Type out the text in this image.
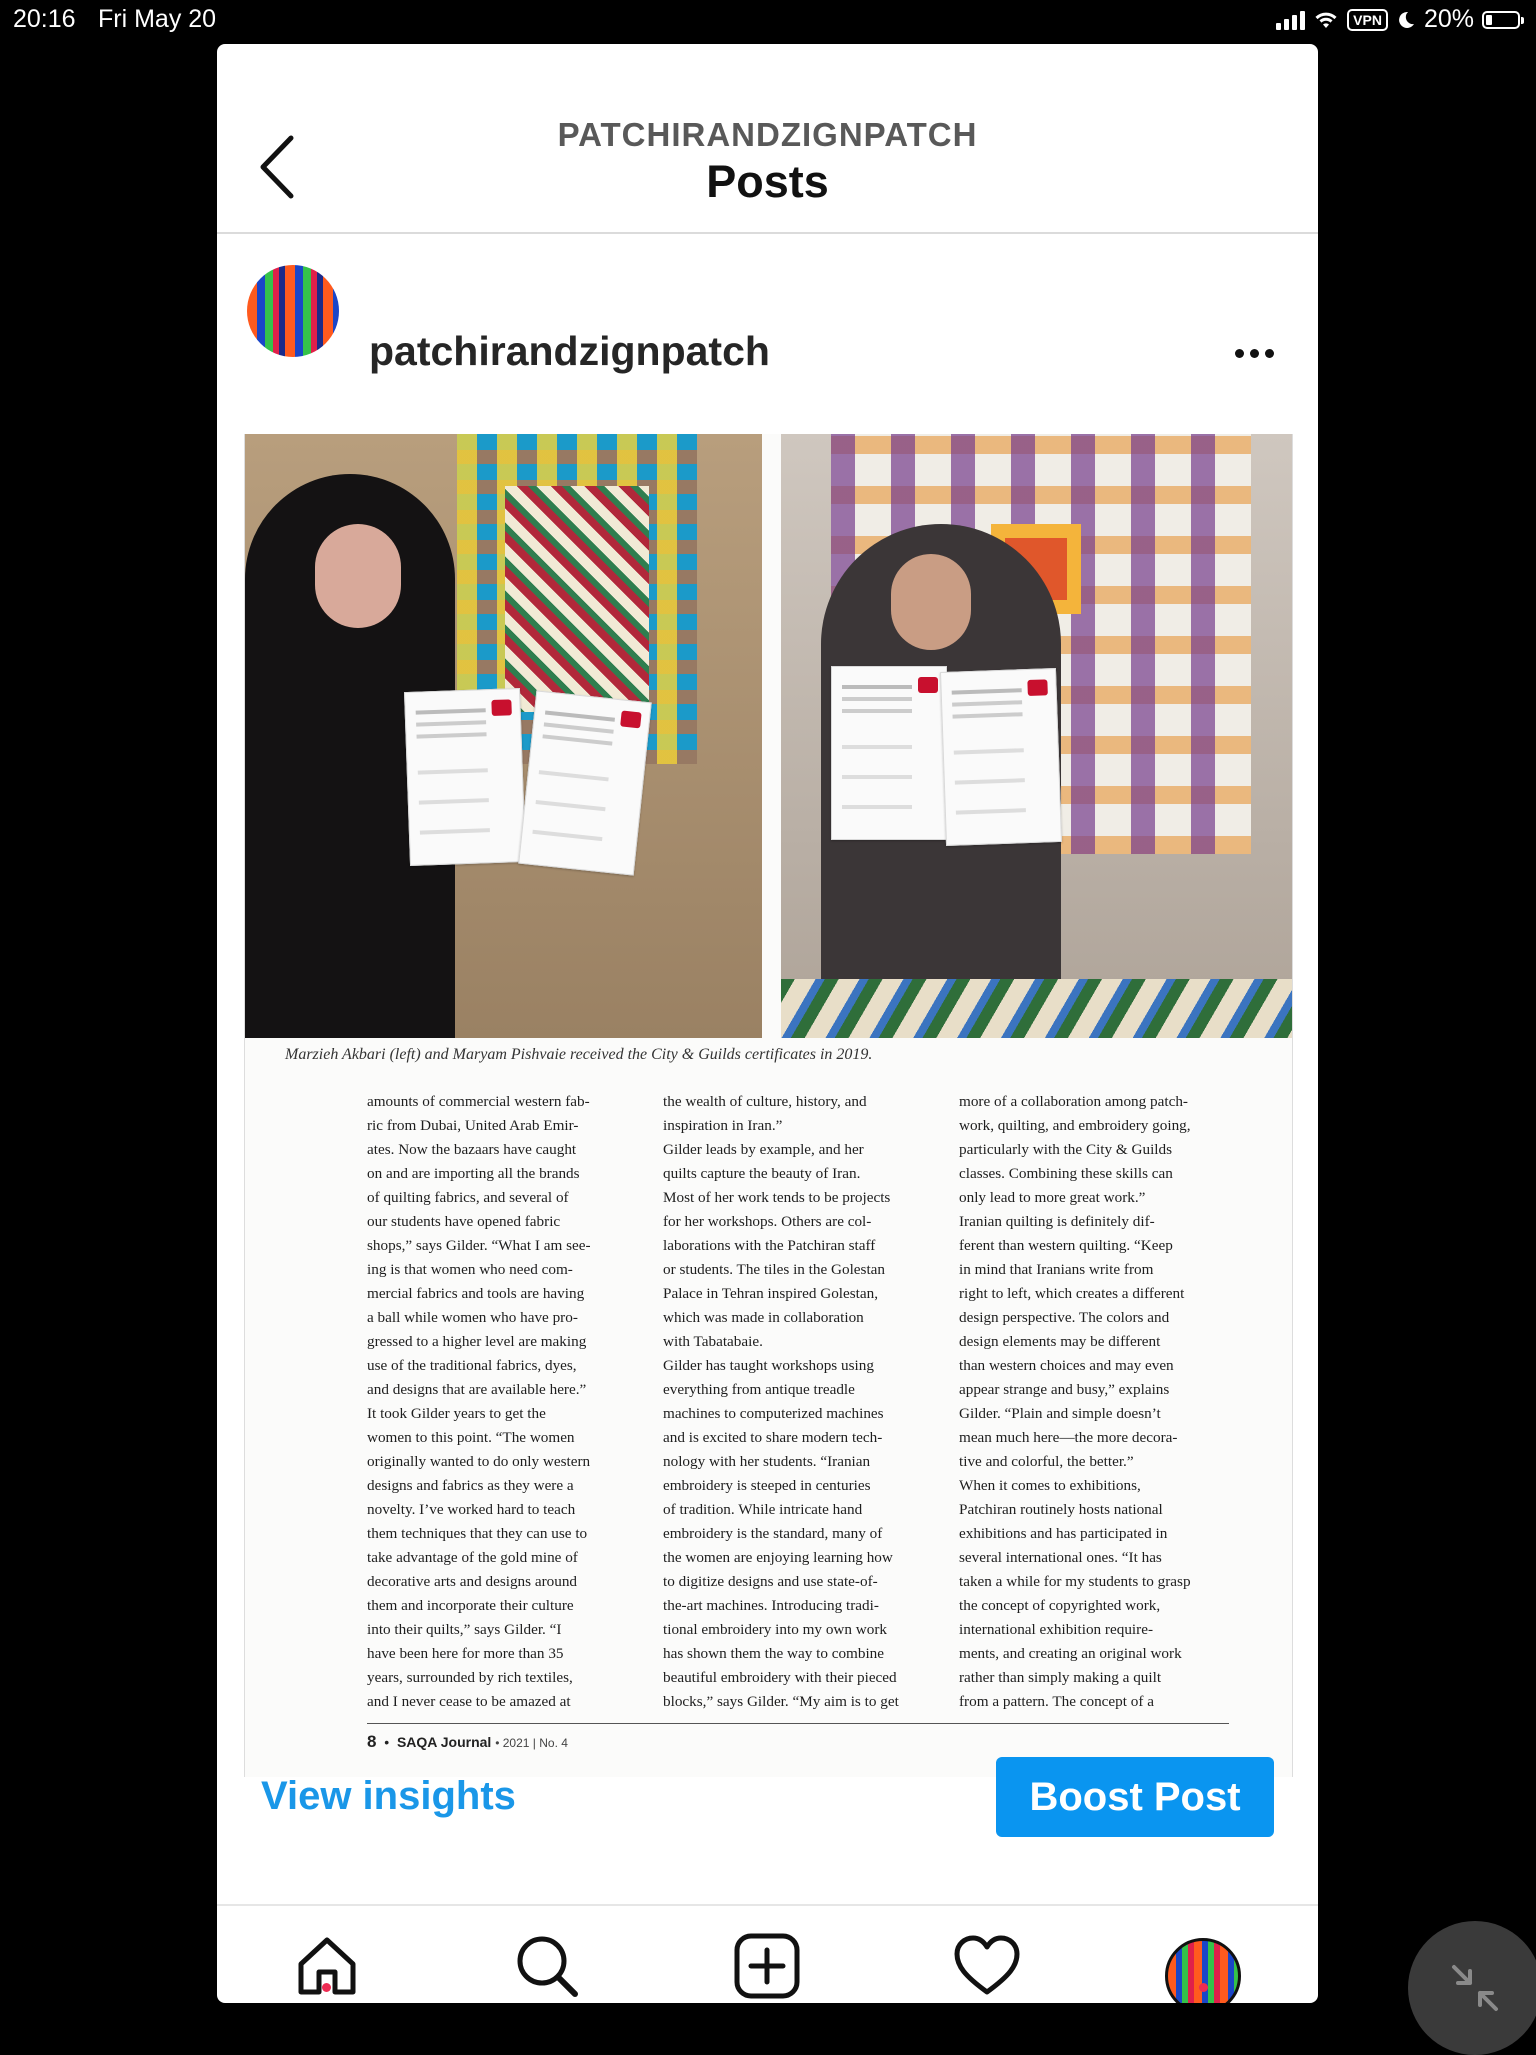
20:16 Fri May 20	VPN 20%
PATCHIRANDZIGNPATCH
Posts
patchirandzignpatch
Marzieh Akbari (left) and Maryam Pishvaie received the City & Guilds certificates in 2019.
amounts of commercial western fab-
ric from Dubai, United Arab Emir-
ates. Now the bazaars have caught
on and are importing all the brands
of quilting fabrics, and several of
our students have opened fabric
shops,” says Gilder. “What I am see-
ing is that women who need com-
mercial fabrics and tools are having
a ball while women who have pro-
gressed to a higher level are making
use of the traditional fabrics, dyes,
and designs that are available here.”
It took Gilder years to get the
women to this point. “The women
originally wanted to do only western
designs and fabrics as they were a
novelty. I’ve worked hard to teach
them techniques that they can use to
take advantage of the gold mine of
decorative arts and designs around
them and incorporate their culture
into their quilts,” says Gilder. “I
have been here for more than 35
years, surrounded by rich textiles,
and I never cease to be amazed at
the wealth of culture, history, and
inspiration in Iran.”
Gilder leads by example, and her
quilts capture the beauty of Iran.
Most of her work tends to be projects
for her workshops. Others are col-
laborations with the Patchiran staff
or students. The tiles in the Golestan
Palace in Tehran inspired Golestan,
which was made in collaboration
with Tabatabaie.
Gilder has taught workshops using
everything from antique treadle
machines to computerized machines
and is excited to share modern tech-
nology with her students. “Iranian
embroidery is steeped in centuries
of tradition. While intricate hand
embroidery is the standard, many of
the women are enjoying learning how
to digitize designs and use state-of-
the-art machines. Introducing tradi-
tional embroidery into my own work
has shown them the way to combine
beautiful embroidery with their pieced
blocks,” says Gilder. “My aim is to get
more of a collaboration among patch-
work, quilting, and embroidery going,
particularly with the City & Guilds
classes. Combining these skills can
only lead to more great work.”
Iranian quilting is definitely dif-
ferent than western quilting. “Keep
in mind that Iranians write from
right to left, which creates a different
design perspective. The colors and
design elements may be different
than western choices and may even
appear strange and busy,” explains
Gilder. “Plain and simple doesn’t
mean much here—the more decora-
tive and colorful, the better.”
When it comes to exhibitions,
Patchiran routinely hosts national
exhibitions and has participated in
several international ones. “It has
taken a while for my students to grasp
the concept of copyrighted work,
international exhibition require-
ments, and creating an original work
rather than simply making a quilt
from a pattern. The concept of a
8 • SAQA Journal • 2021 | No. 4
View insights	Boost Post
